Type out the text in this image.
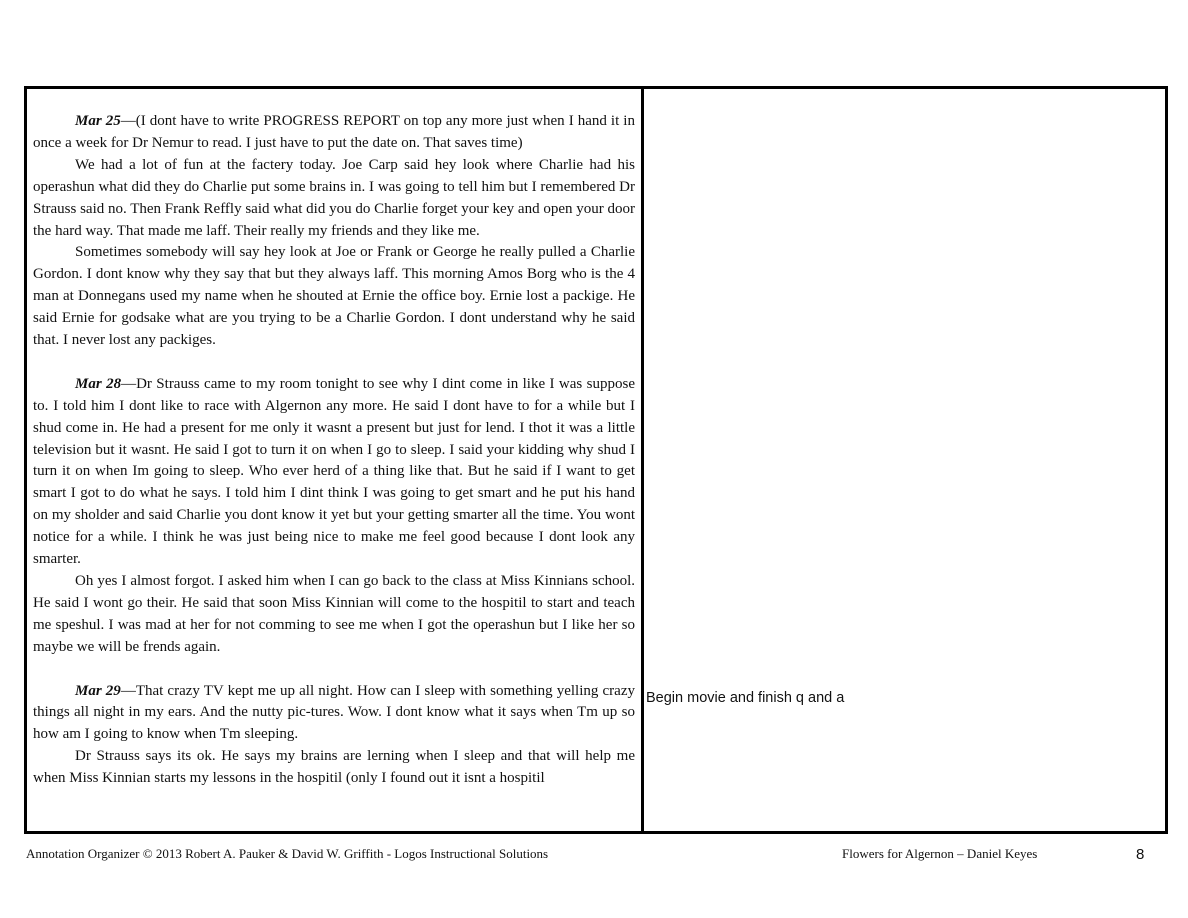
Mar 25—(I dont have to write PROGRESS REPORT on top any more just when I hand it in once a week for Dr Nemur to read. I just have to put the date on. That saves time)

We had a lot of fun at the factery today. Joe Carp said hey look where Charlie had his operashun what did they do Charlie put some brains in. I was going to tell him but I remembered Dr Strauss said no. Then Frank Reffly said what did you do Charlie forget your key and open your door the hard way. That made me laff. Their really my friends and they like me.

Sometimes somebody will say hey look at Joe or Frank or George he really pulled a Charlie Gordon. I dont know why they say that but they always laff. This morning Amos Borg who is the 4 man at Donnegans used my name when he shouted at Ernie the office boy. Ernie lost a packige. He said Ernie for godsake what are you trying to be a Charlie Gordon. I dont understand why he said that. I never lost any packiges.

Mar 28—Dr Strauss came to my room tonight to see why I dint come in like I was suppose to. I told him I dont like to race with Algernon any more. He said I dont have to for a while but I shud come in. He had a present for me only it wasnt a present but just for lend. I thot it was a little television but it wasnt. He said I got to turn it on when I go to sleep. I said your kidding why shud I turn it on when Im going to sleep. Who ever herd of a thing like that. But he said if I want to get smart I got to do what he says. I told him I dint think I was going to get smart and he put his hand on my sholder and said Charlie you dont know it yet but your getting smarter all the time. You wont notice for a while. I think he was just being nice to make me feel good because I dont look any smarter.

Oh yes I almost forgot. I asked him when I can go back to the class at Miss Kinnians school. He said I wont go their. He said that soon Miss Kinnian will come to the hospitil to start and teach me speshul. I was mad at her for not comming to see me when I got the operashun but I like her so maybe we will be frends again.

Mar 29—That crazy TV kept me up all night. How can I sleep with something yelling crazy things all night in my ears. And the nutty pic-tures. Wow. I dont know what it says when Tm up so how am I going to know when Tm sleeping.

Dr Strauss says its ok. He says my brains are lerning when I sleep and that will help me when Miss Kinnian starts my lessons in the hospitil (only I found out it isnt a hospitil

Begin movie and finish q and a
Annotation Organizer © 2013 Robert A. Pauker & David W. Griffith - Logos Instructional Solutions	Flowers for Algernon – Daniel Keyes	8
